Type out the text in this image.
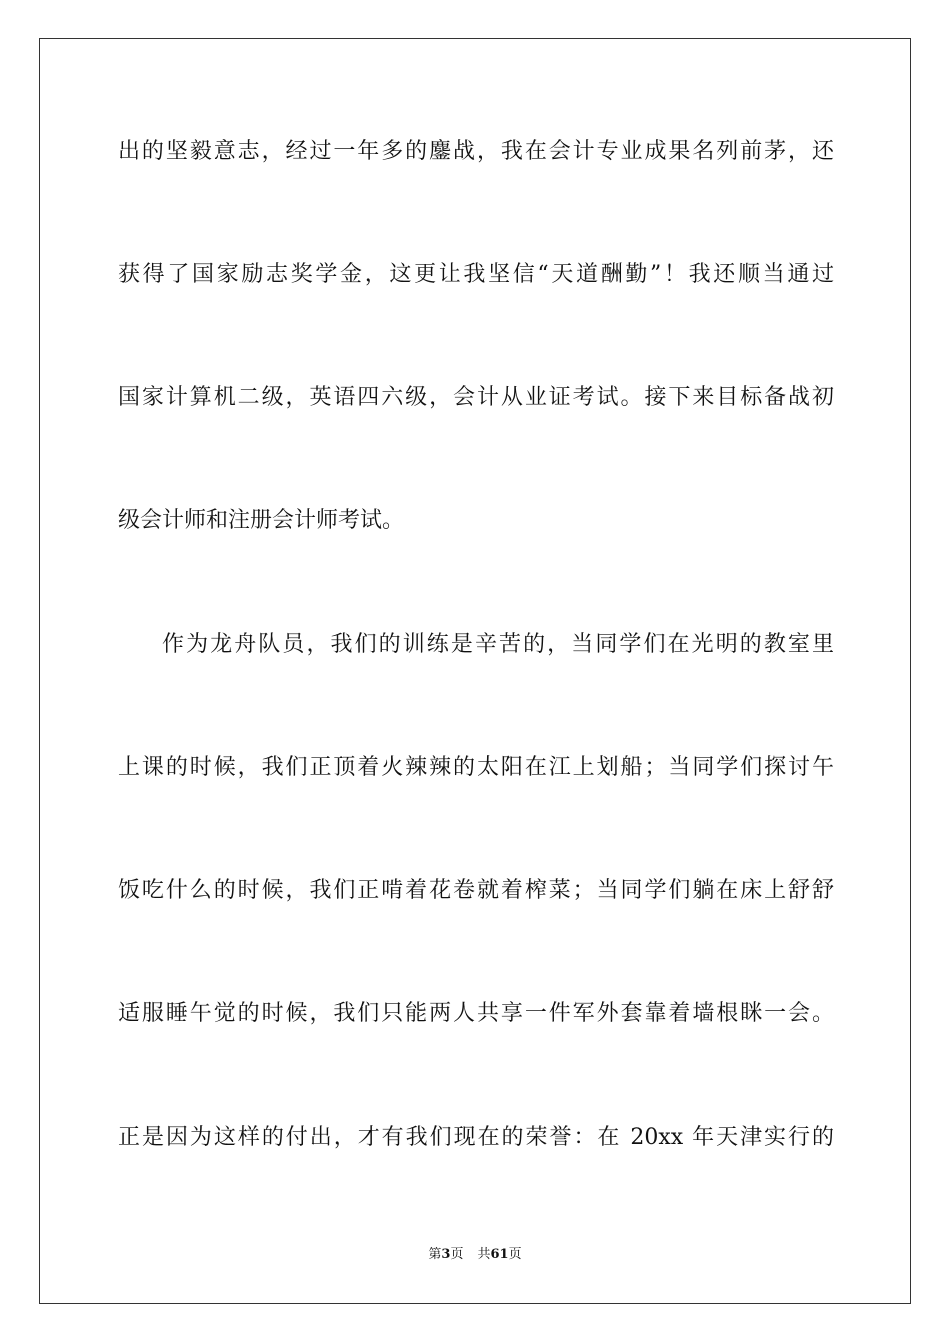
出的坚毅意志，经过一年多的鏖战，我在会计专业成果名列前茅，还
获得了国家励志奖学金，这更让我坚信“天道酬勤”！我还顺当通过
国家计算机二级，英语四六级，会计从业证考试。接下来目标备战初
级会计师和注册会计师考试。
作为龙舟队员，我们的训练是辛苦的，当同学们在光明的教室里
上课的时候，我们正顶着火辣辣的太阳在江上划船；当同学们探讨午
饭吃什么的时候，我们正啃着花卷就着榨菜；当同学们躺在床上舒舒
适服睡午觉的时候，我们只能两人共享一件军外套靠着墙根眯一会。
正是因为这样的付出，才有我们现在的荣誉：在 20xx 年天津实行的
第3页 共61页
